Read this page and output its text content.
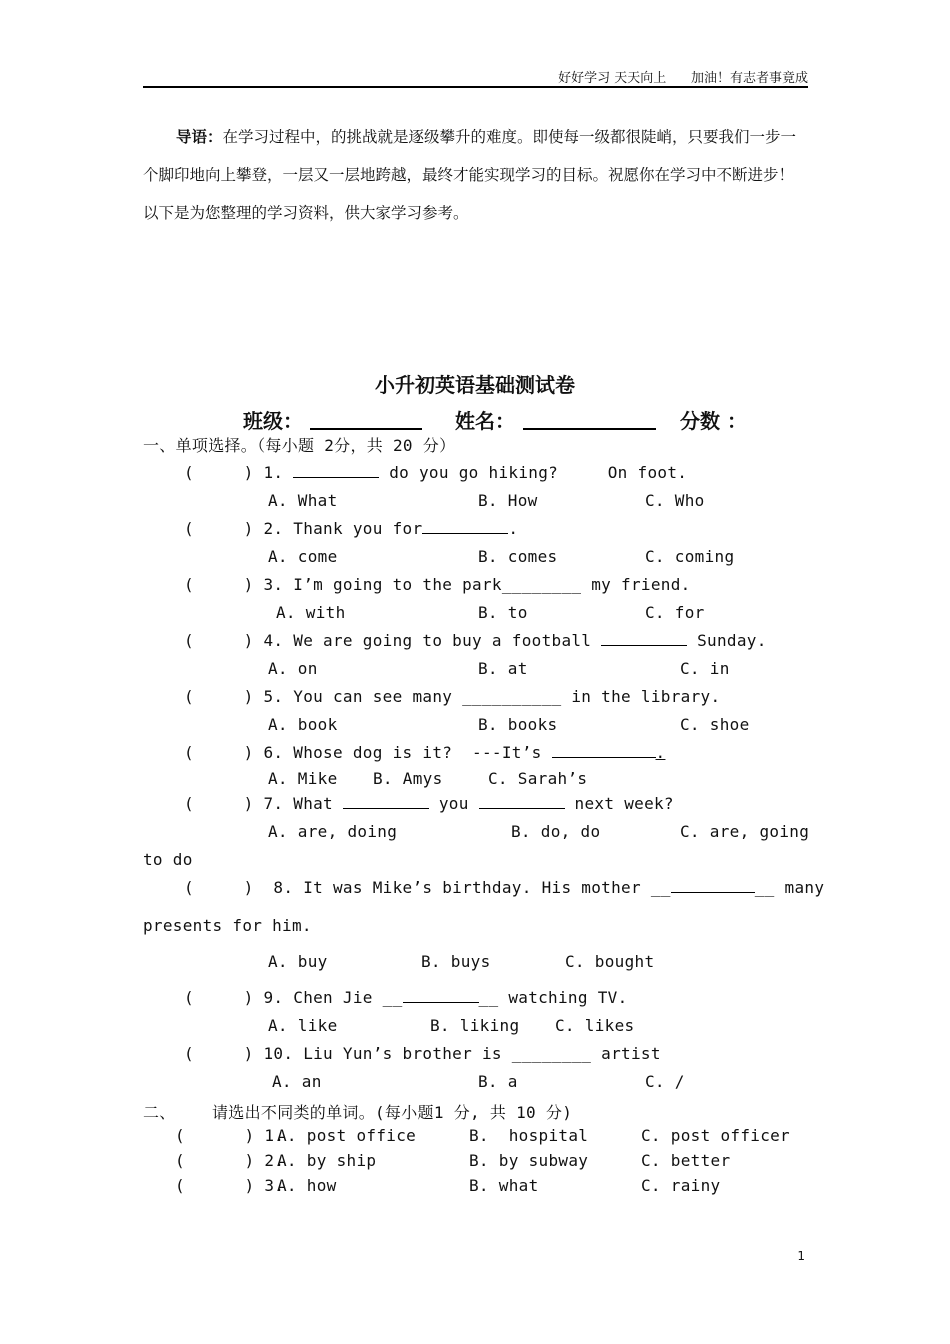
好好学习 天天向上      加油！有志者事竟成
导语：在学习过程中，的挑战就是逐级攀升的难度。即使每一级都很陡峭，只要我们一步一个脚印地向上攀登，一层又一层地跨越，最终才能实现学习的目标。祝愿你在学习中不断进步！以下是为您整理的学习资料，供大家学习参考。
小升初英语基础测试卷
班级：	姓名：	分数 ：
一、单项选择。（每小题 2分，共 20 分）
(     ) 1.	do you go hiking?     On foot.
A. What	B. How	C. Who
(     ) 2. Thank you for	.
A. come	B. comes	C. coming
(     ) 3. I’m going to the park________ my friend.
A. with	B. to	C. for
(     ) 4. We are going to buy a football	Sunday.
A. on	B. at	C. in
(     ) 5. You can see many __________ in the library.
A. book	B. books	C. shoe
(     ) 6. Whose dog is it?  ---It’s	.
A. Mike B. Amys	C. Sarah’s
(     ) 7. What	you	next week?
A. are, doing	B. do, do	C. are, going
to do
(     )  8. It was Mike’s birthday. His mother __	__ many
presents for him.
A. buy	B. buys	C. bought
(     ) 9. Chen Jie __	__ watching TV.
A. like	B. liking C. likes
(     ) 10. Liu Yun’s brother is ________ artist
A. an	B. a	C. /
二、 请选出不同类的单词。(每小题1 分, 共 10 分)
(      ) 1.
A. post office	B.  hospital	C. post officer
(      ) 2.
A. by ship	B. by subway	C. better
(      ) 3.
A. how	B. what	C. rainy
1
